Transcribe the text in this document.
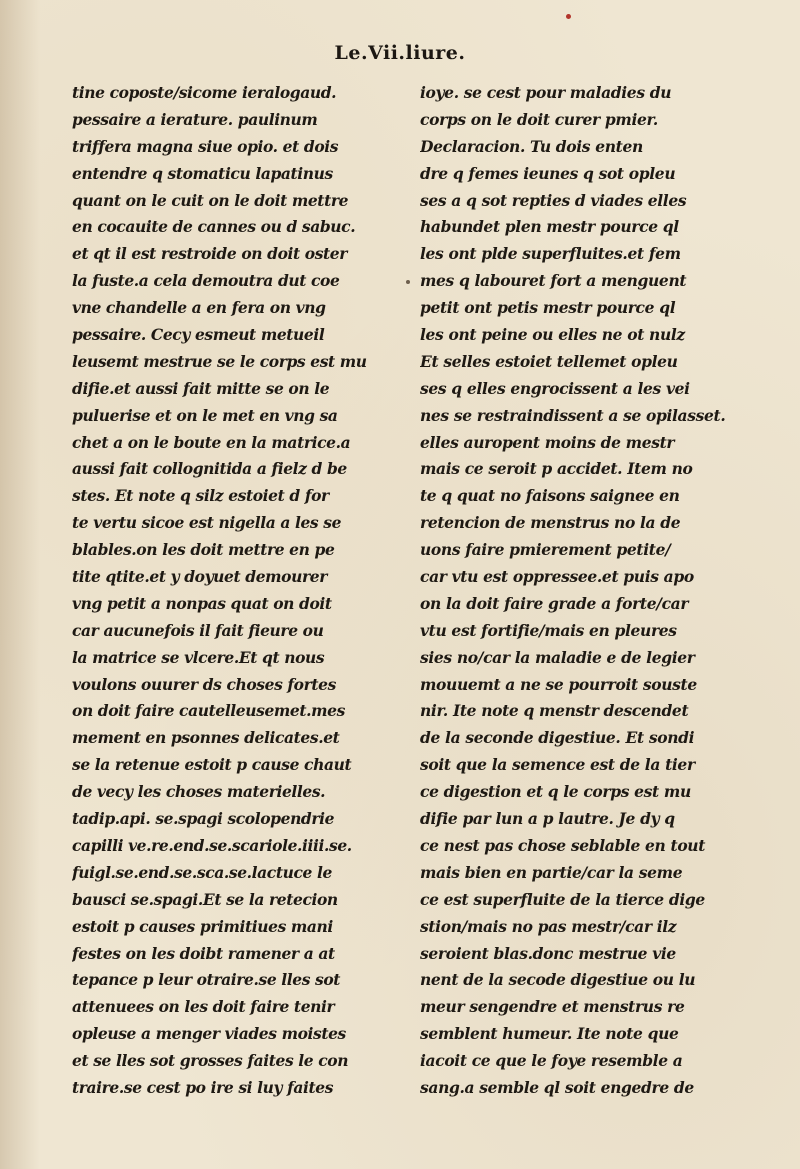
Le.Vii.liure.
tine coposte/sicome ieralogaud.
pessaire a ierature. paulinum
triffera magna siue opio. et dois
entendre q stomaticu lapatinus
quant on le cuit on le doit mettre
en cocauite de cannes ou d sabuc.
et qt il est restroide on doit oster
la fuste.a cela demoutra dut coe
vne chandelle a en fera on vng
pessaire. Cecy esmeut metueil
leusemt mestrue se le corps est mu
difie.et aussi fait mitte se on le
puluerise et on le met en vng sa
chet a on le boute en la matrice.a
aussi fait collognitida a fielz d be
stes. Et note q silz estoiet d for
te vertu sicoe est nigella a les se
blables.on les doit mettre en pe
tite qtite.et y doyuet demourer
vng petit a nonpas quat on doit
car aucunefois il fait fieure ou
la matrice se vlcere.Et qt nous
voulons ouurer ds choses fortes
on doit faire cautelleusemet.mes
mement en psonnes delicates.et
se la retenue estoit p cause chaut
de vecy les choses materielles.
tadip.api. se.spagi scolopendrie
capilli ve.re.end.se.scariole.iiii.se.
fuigl.se.end.se.sca.se.lactuce le
bausci se.spagi.Et se la retecion
estoit p causes primitiues mani
festes on les doibt ramener a at
tepance p leur otraire.se lles sot
attenuees on les doit faire tenir
opleuse a menger viades moistes
et se lles sot grosses faites le con
traire.se cest po ire si luy faites
ioye. se cest pour maladies du
corps on le doit curer pmier.
Declaracion. Tu dois enten
dre q femes ieunes q sot opleu
ses a q sot repties d viades elles
habundet plen mestr pource ql
les ont plde superfluites.et fem
mes q labouret fort a menguent
petit ont petis mestr pource ql
les ont peine ou elles ne ot nulz
Et selles estoiet tellemet opleu
ses q elles engrocissent a les vei
nes se restraindissent a se opilasset.
elles auropent moins de mestr
mais ce seroit p accidet. Item no
te q quat no faisons saignee en
retencion de menstrus no la de
uons faire pmierement petite/
car vtu est oppressee.et puis apo
on la doit faire grade a forte/car
vtu est fortifie/mais en pleures
sies no/car la maladie e de legier
mouuemt a ne se pourroit souste
nir. Ite note q menstr descendet
de la seconde digestiue. Et sondi
soit que la semence est de la tier
ce digestion et q le corps est mu
difie par lun a p lautre. Je dy q
ce nest pas chose seblable en tout
mais bien en partie/car la seme
ce est superfluite de la tierce dige
stion/mais no pas mestr/car ilz
seroient blas.donc mestrue vie
nent de la secode digestiue ou lu
meur sengendre et menstrus re
semblent humeur. Ite note que
iacoit ce que le foye resemble a
sang.a semble ql soit engedre de
